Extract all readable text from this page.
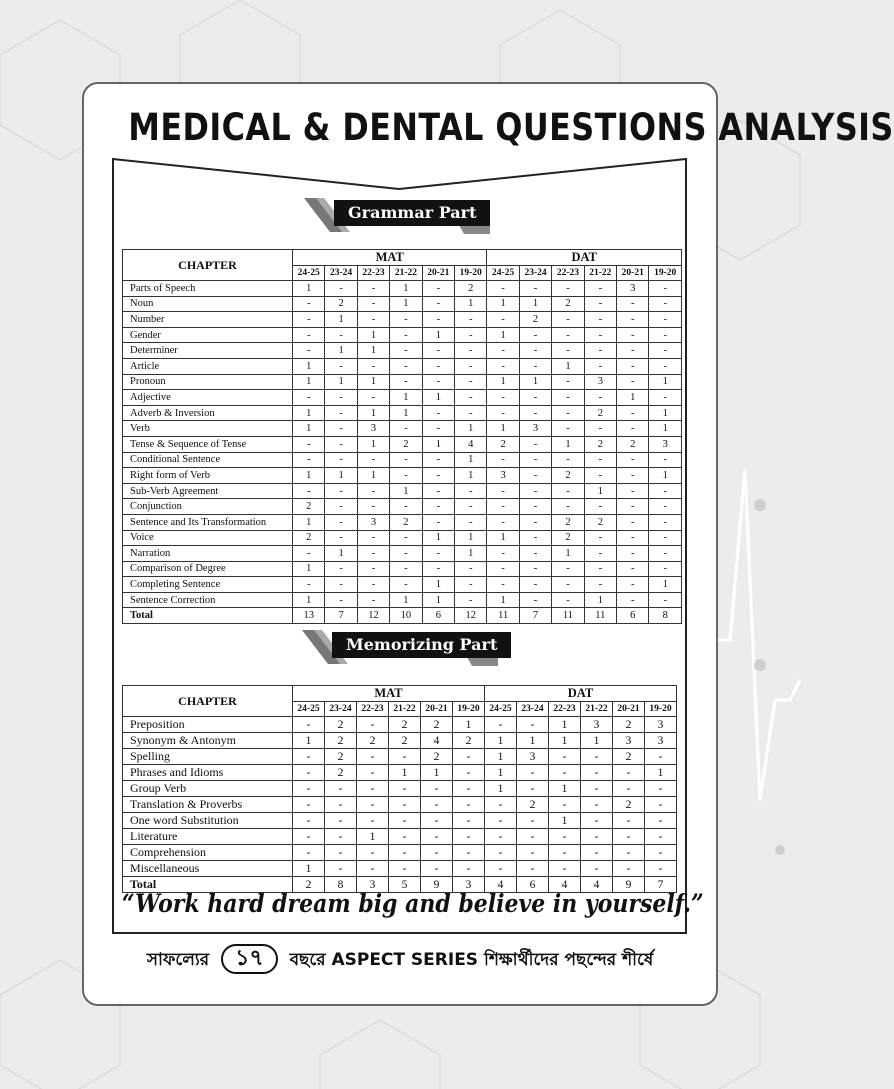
MEDICAL & DENTAL QUESTIONS ANALYSIS
Grammar Part
CHAPTER	MAT						DAT					
	24-25	23-24	22-23	21-22	20-21	19-20	24-25	23-24	22-23	21-22	20-21	19-20
Parts of Speech	1	-	-	1	-	2	-	-	-	-	3	-
Noun	-	2	-	1	-	1	1	1	2	-	-	-
Number	-	1	-	-	-	-	-	2	-	-	-	-
Gender	-	-	1	-	1	-	1	-	-	-	-	-
Determiner	-	1	1	-	-	-	-	-	-	-	-	-
Article	1	-	-	-	-	-	-	-	1	-	-	-
Pronoun	1	1	1	-	-	-	1	1	-	3	-	1
Adjective	-	-	-	1	1	-	-	-	-	-	1	-
Adverb & Inversion	1	-	1	1	-	-	-	-	-	2	-	1
Verb	1	-	3	-	-	1	1	3	-	-	-	1
Tense & Sequence of Tense	-	-	1	2	1	4	2	-	1	2	2	3
Conditional Sentence	-	-	-	-	-	1	-	-	-	-	-	-
Right form of Verb	1	1	1	-	-	1	3	-	2	-	-	1
Sub-Verb Agreement	-	-	-	1	-	-	-	-	-	1	-	-
Conjunction	2	-	-	-	-	-	-	-	-	-	-	-
Sentence and Its Transformation	1	-	3	2	-	-	-	-	2	2	-	-
Voice	2	-	-	-	1	1	1	-	2	-	-	-
Narration	-	1	-	-	-	1	-	-	1	-	-	-
Comparison of Degree	1	-	-	-	-	-	-	-	-	-	-	-
Completing Sentence	-	-	-	-	1	-	-	-	-	-	-	1
Sentence Correction	1	-	-	1	1	-	1	-	-	1	-	-
Total	13	7	12	10	6	12	11	7	11	11	6	8
Memorizing Part
CHAPTER	MAT						DAT					
	24-25	23-24	22-23	21-22	20-21	19-20	24-25	23-24	22-23	21-22	20-21	19-20
Preposition	-	2	-	2	2	1	-	-	1	3	2	3
Synonym & Antonym	1	2	2	2	4	2	1	1	1	1	3	3
Spelling	-	2	-	-	2	-	1	3	-	-	2	-
Phrases and Idioms	-	2	-	1	1	-	1	-	-	-	-	1
Group Verb	-	-	-	-	-	-	1	-	1	-	-	-
Translation & Proverbs	-	-	-	-	-	-	-	2	-	-	2	-
One word Substitution	-	-	-	-	-	-	-	-	1	-	-	-
Literature	-	-	1	-	-	-	-	-	-	-	-	-
Comprehension	-	-	-	-	-	-	-	-	-	-	-	-
Miscellaneous	1	-	-	-	-	-	-	-	-	-	-	-
Total	2	8	3	5	9	3	4	6	4	4	9	7
“Work hard dream big and believe in yourself.”
সাফল্যের ১৭ বছরে ASPECT SERIES শিক্ষার্থীদের পছন্দের শীর্ষে
